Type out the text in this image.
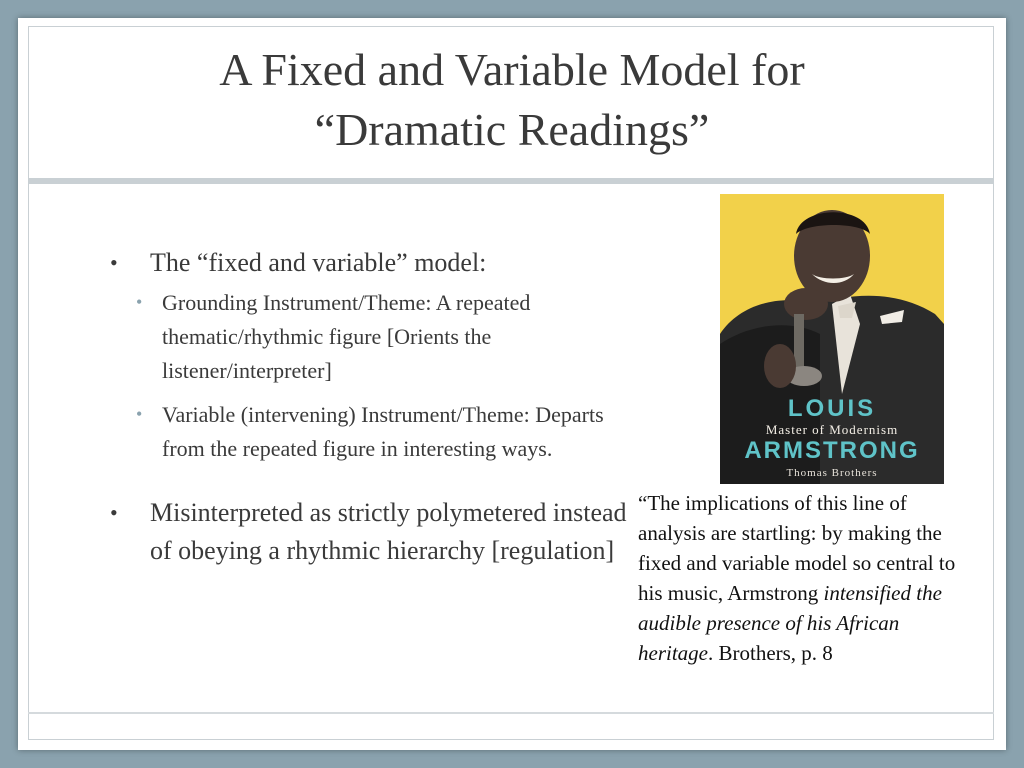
A Fixed and Variable Model for
“Dramatic Readings”
• The “fixed and variable” model:
• Grounding Instrument/Theme: A repeated thematic/rhythmic figure [Orients the listener/interpreter]
• Variable (intervening) Instrument/Theme: Departs from the repeated figure in interesting ways.
• Misinterpreted as strictly polymetered instead of obeying a rhythmic hierarchy [regulation]
LOUIS
Master of Modernism
ARMSTRONG
Thomas Brothers
“The implications of this line of analysis are startling: by making the fixed and variable model so central to his music, Armstrong intensified the audible presence of his African heritage. Brothers, p. 8
